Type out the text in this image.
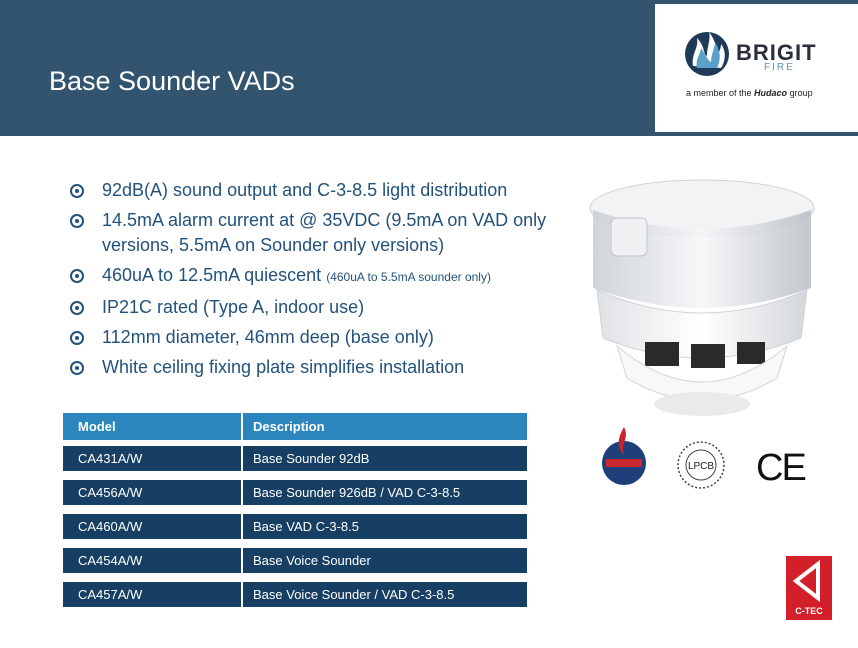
Base Sounder VADs
BRIGIT
FIRE
a member of the Hudaco group
92dB(A) sound output and C-3-8.5 light distribution
14.5mA alarm current at @ 35VDC (9.5mA on VAD only versions, 5.5mA on Sounder only versions)
460uA to 12.5mA quiescent (460uA to 5.5mA sounder only)
IP21C rated (Type A, indoor use)
112mm diameter, 46mm deep (base only)
White ceiling fixing plate simplifies installation
Model	Description
CA431A/W	Base Sounder 92dB
CA456A/W	Base Sounder 926dB / VAD C-3-8.5
CA460A/W	Base VAD C-3-8.5
CA454A/W	Base Voice Sounder
CA457A/W	Base Voice Sounder / VAD C-3-8.5
LPCB CE
C-TEC
